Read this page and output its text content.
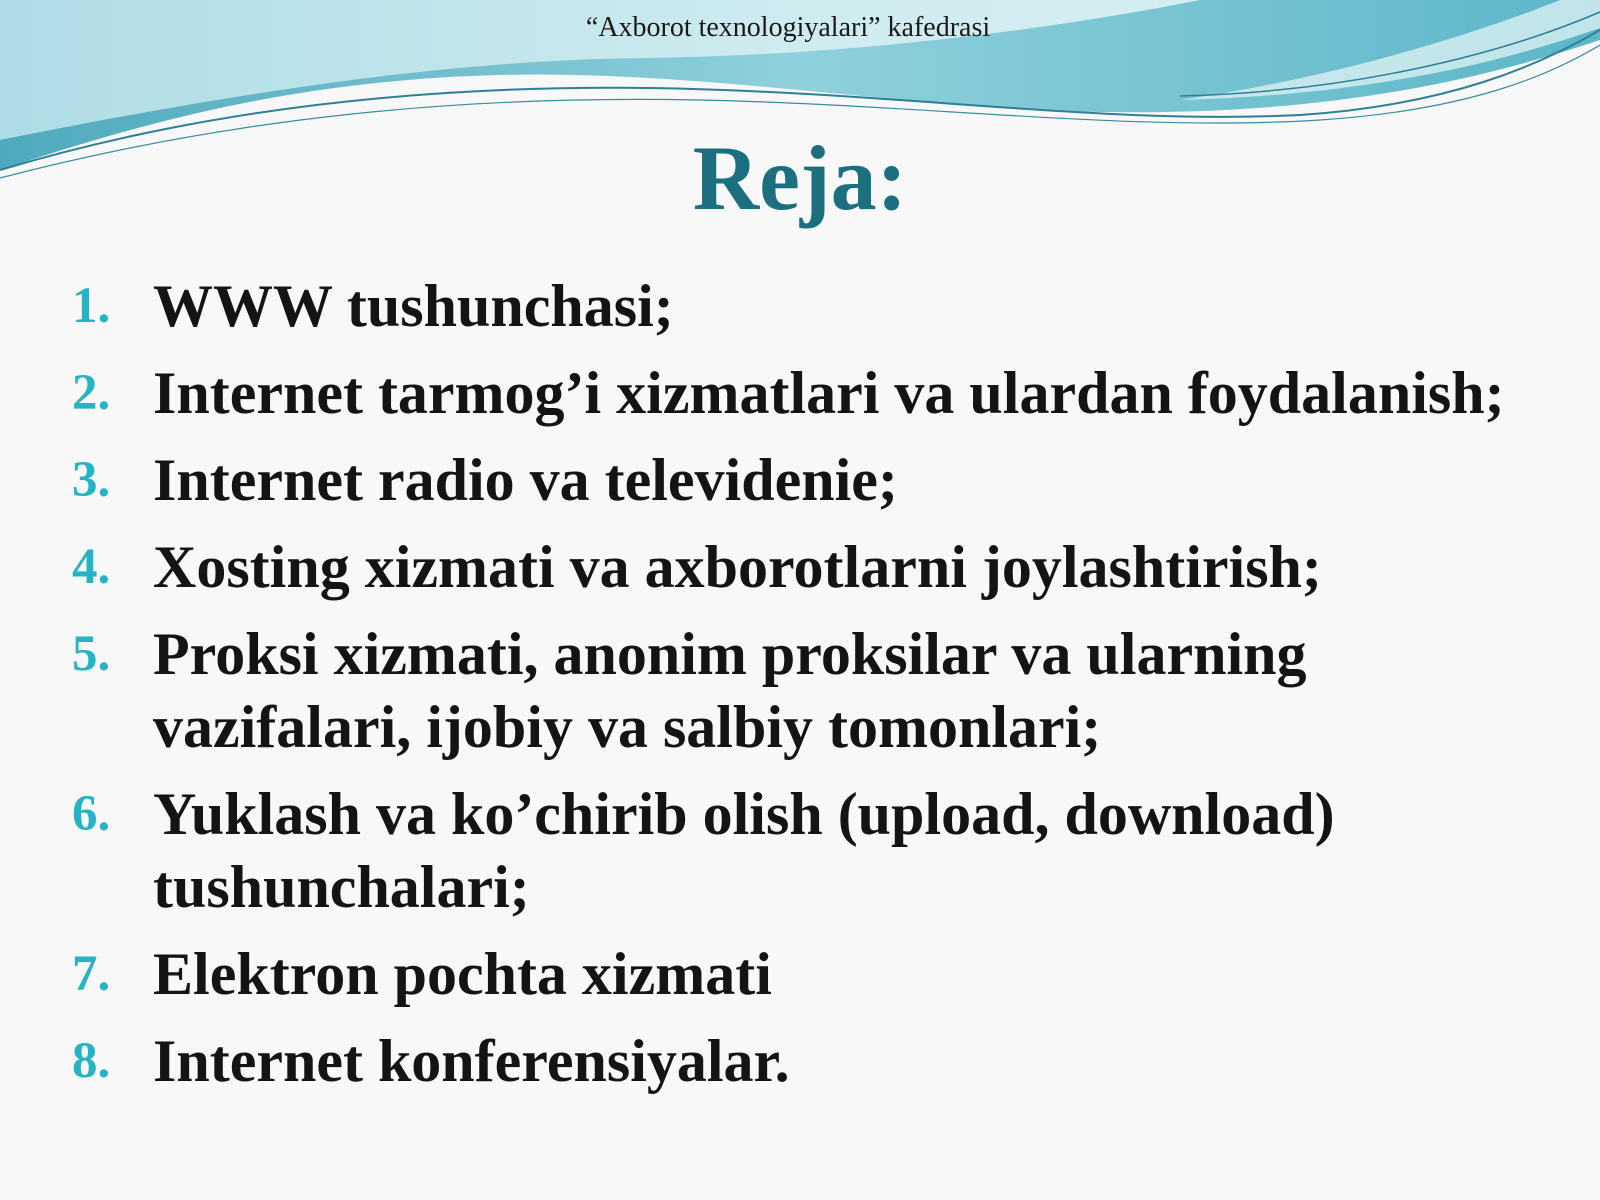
“Axborot texnologiyalari” kafedrasi
Reja:
1. WWW tushunchasi;
2. Internet tarmog’i xizmatlari va ulardan foydalanish;
3. Internet radio va televidenie;
4. Xosting xizmati va axborotlarni joylashtirish;
5. Proksi xizmati, anonim proksilar va ularning vazifalari, ijobiy va salbiy tomonlari;
6. Yuklash va ko’chirib olish (upload, download) tushunchalari;
7. Elektron pochta xizmati
8. Internet konferensiyalar.
